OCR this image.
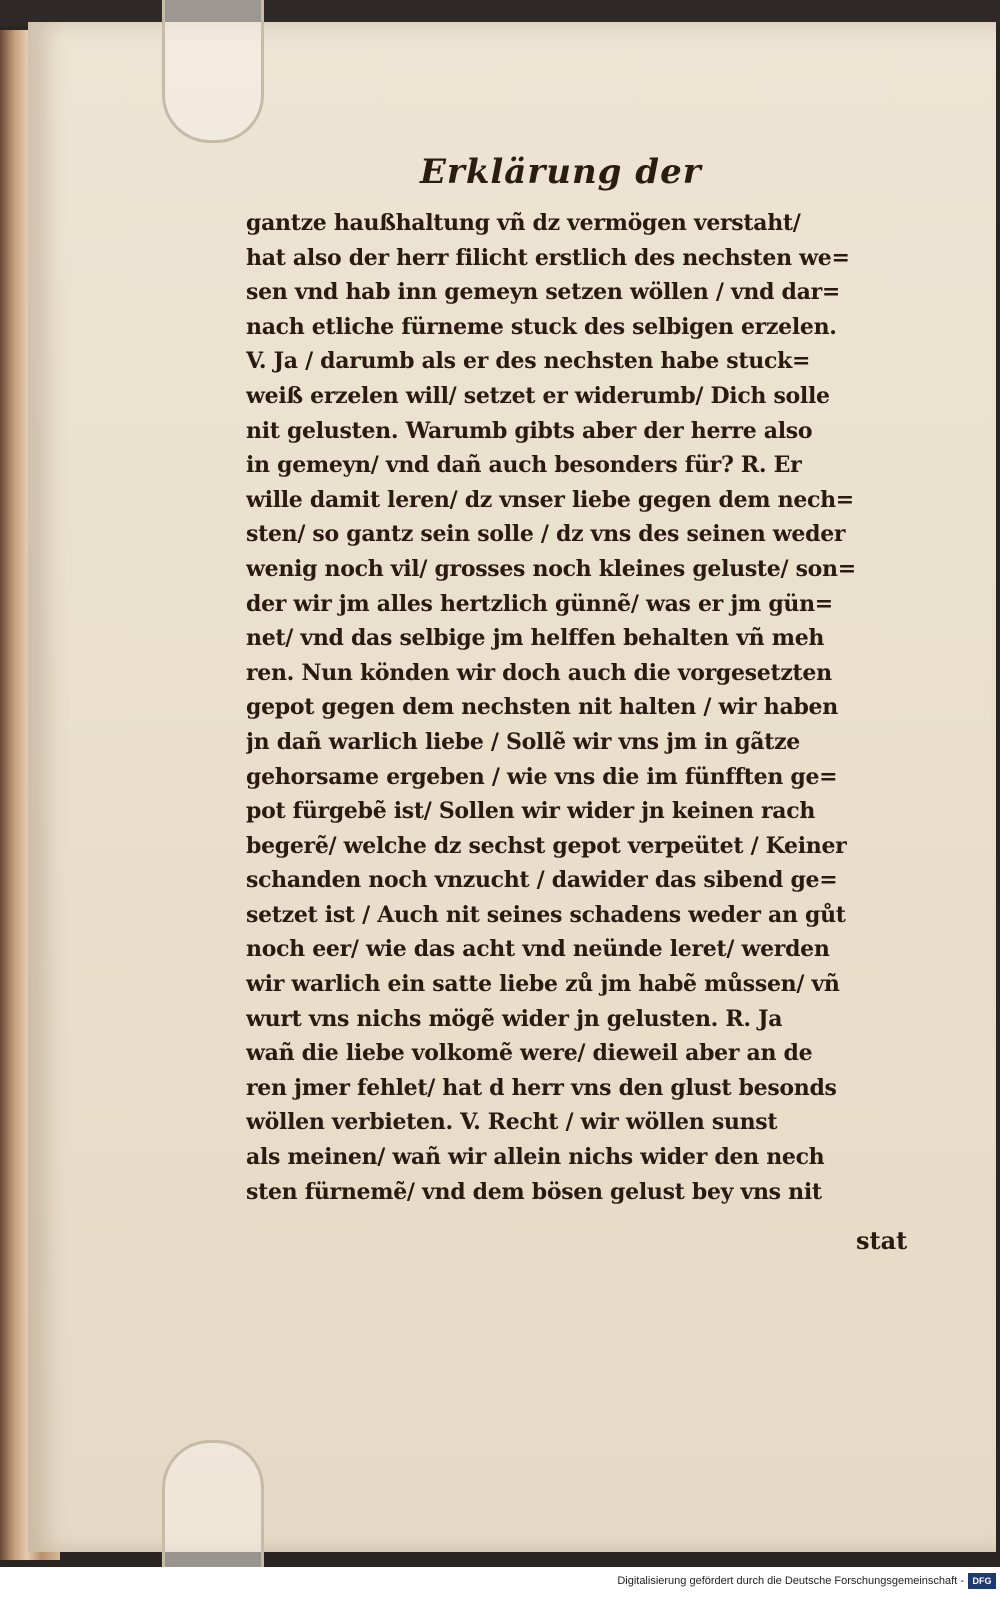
Erklärung der
gantze haußhaltung vñ dz vermögen verstaht/
hat also der herr filicht erstlich des nechsten we=
sen vnd hab inn gemeyn setzen wöllen / vnd dar=
nach etliche fürneme stuck des selbigen erzelen.
V. Ja / darumb als er des nechsten habe stuck=
weiß erzelen will/ setzet er widerumb/ Dich solle
nit gelusten. Warumb gibts aber der herre also
in gemeyn/ vnd dañ auch besonders für? R. Er
wille damit leren/ dz vnser liebe gegen dem nech=
sten/ so gantz sein solle / dz vns des seinen weder
wenig noch vil/ grosses noch kleines geluste/ son=
der wir jm alles hertzlich günnẽ/ was er jm gün=
net/ vnd das selbige jm helffen behalten vñ meh
ren. Nun könden wir doch auch die vorgesetzten
gepot gegen dem nechsten nit halten / wir haben
jn dañ warlich liebe / Sollẽ wir vns jm in gãtze
gehorsame ergeben / wie vns die im fünfften ge=
pot fürgebẽ ist/ Sollen wir wider jn keinen rach
begerẽ/ welche dz sechst gepot verpeütet / Keiner
schanden noch vnzucht / dawider das sibend ge=
setzet ist / Auch nit seines schadens weder an gůt
noch eer/ wie das acht vnd neünde leret/ werden
wir warlich ein satte liebe zů jm habẽ můssen/ vñ
wurt vns nichs mögẽ wider jn gelusten. R. Ja
wañ die liebe volkomẽ were/ dieweil aber an de
ren jmer fehlet/ hat d herr vns den glust besonds
wöllen verbieten. V. Recht / wir wöllen sunst
als meinen/ wañ wir allein nichs wider den nech
sten fürnemẽ/ vnd dem bösen gelust bey vns nit
stat
Digitalisierung gefördert durch die Deutsche Forschungsgemeinschaft - DFG
